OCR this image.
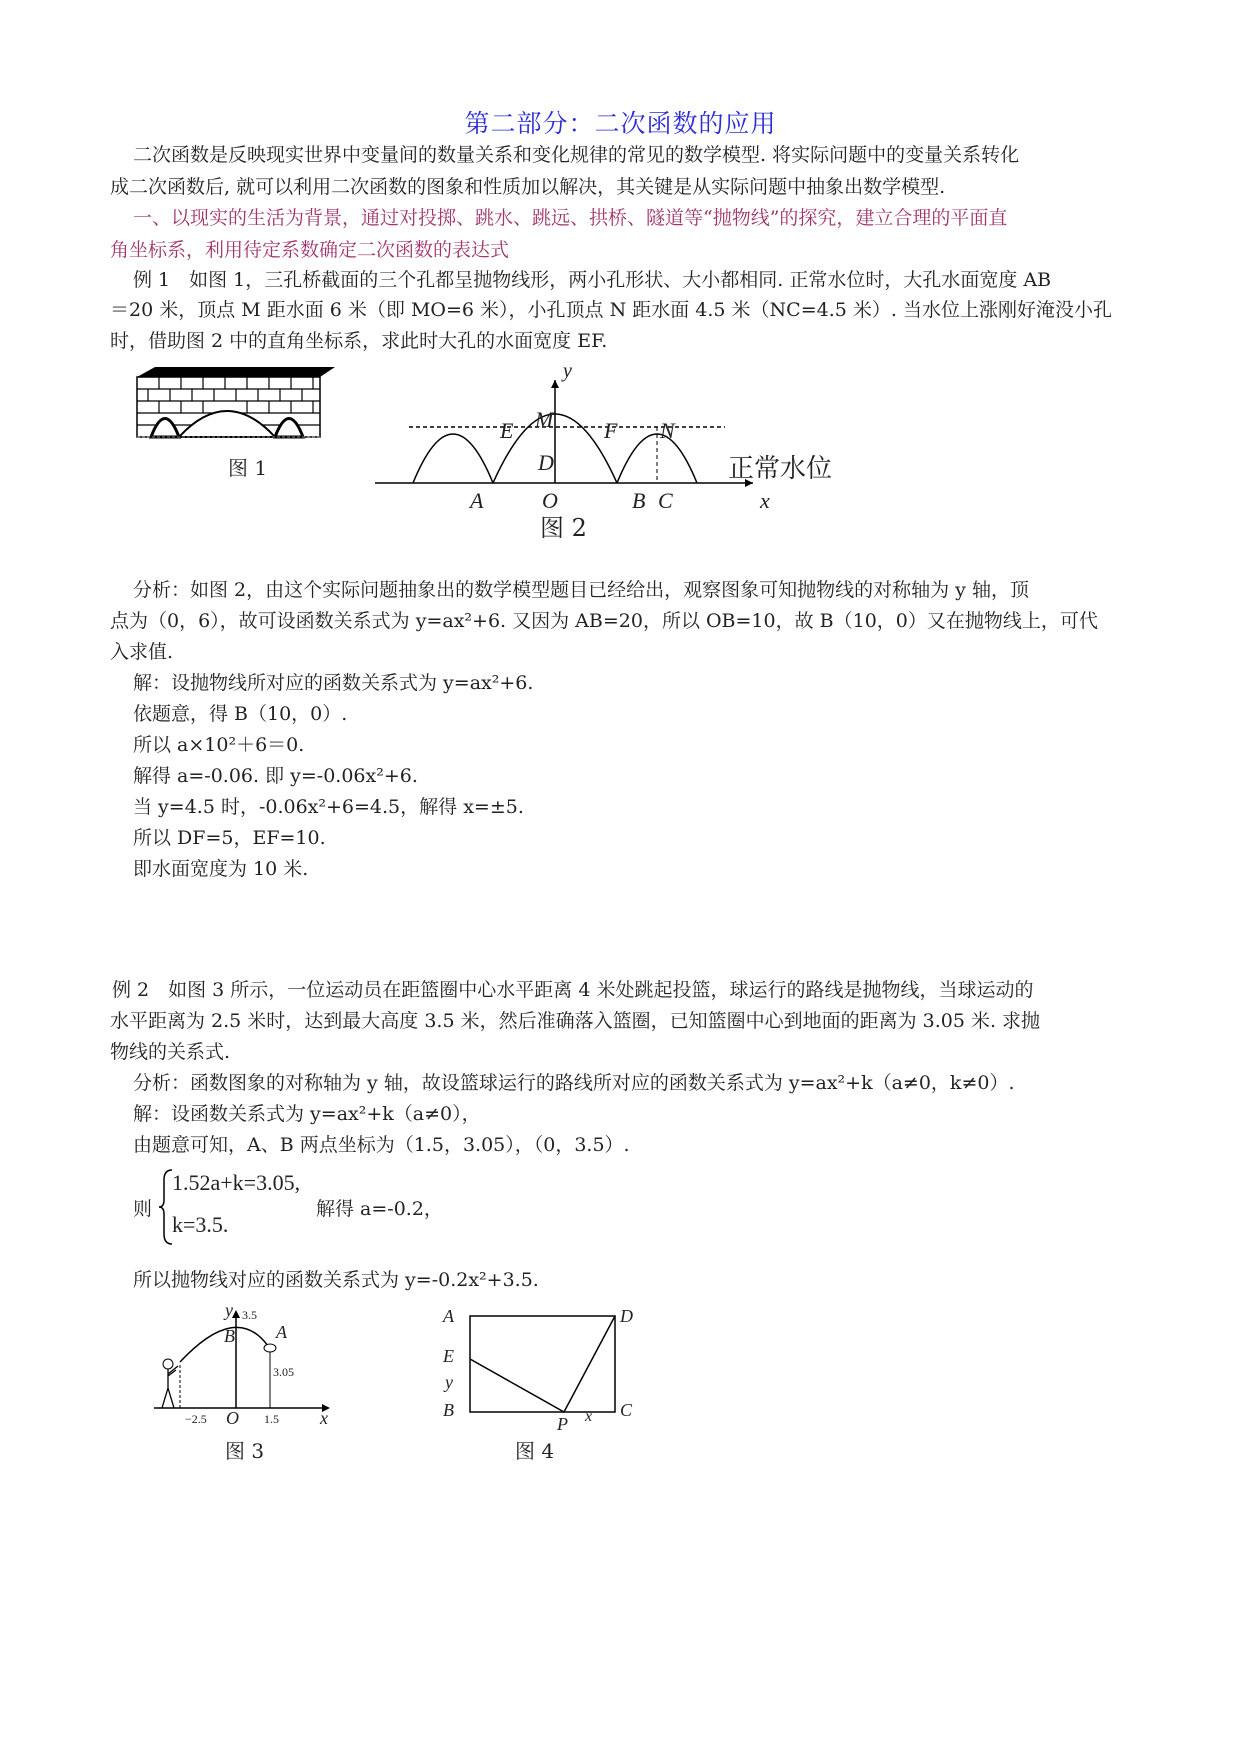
第二部分：二次函数的应用
二次函数是反映现实世界中变量间的数量关系和变化规律的常见的数学模型. 将实际问题中的变量关系转化
成二次函数后, 就可以利用二次函数的图象和性质加以解决，其关键是从实际问题中抽象出数学模型.
一、以现实的生活为背景，通过对投掷、跳水、跳远、拱桥、隧道等“抛物线”的探究，建立合理的平面直
角坐标系，利用待定系数确定二次函数的表达式
例 1　如图 1，三孔桥截面的三个孔都呈抛物线形，两小孔形状、大小都相同. 正常水位时，大孔水面宽度 AB
＝20 米，顶点 M 距水面 6 米（即 MO=6 米），小孔顶点 N 距水面 4.5 米（NC=4.5 米）. 当水位上涨刚好淹没小孔
时，借助图 2 中的直角坐标系，求此时大孔的水面宽度 EF.
图 1
y
M
E	F N
D
A	O	B C	x
正常水位
图 2
分析：如图 2，由这个实际问题抽象出的数学模型题目已经给出，观察图象可知抛物线的对称轴为 y 轴，顶
点为（0，6），故可设函数关系式为 y=ax²+6. 又因为 AB=20，所以 OB=10，故 B（10，0）又在抛物线上，可代
入求值.
解：设抛物线所对应的函数关系式为 y=ax²+6.
依题意，得 B（10，0）.
所以 a×10²＋6＝0.
解得 a=-0.06. 即 y=-0.06x²+6.
当 y=4.5 时，-0.06x²+6=4.5，解得 x=±5.
所以 DF=5，EF=10.
即水面宽度为 10 米.
例 2　如图 3 所示，一位运动员在距篮圈中心水平距离 4 米处跳起投篮，球运行的路线是抛物线，当球运动的
水平距离为 2.5 米时，达到最大高度 3.5 米，然后准确落入篮圈，已知篮圈中心到地面的距离为 3.05 米. 求抛
物线的关系式.
分析：函数图象的对称轴为 y 轴，故设篮球运行的路线所对应的函数关系式为 y=ax²+k（a≠0，k≠0）.
解：设函数关系式为 y=ax²+k（a≠0），
由题意可知，A、B 两点坐标为（1.5，3.05），（0，3.5）.
则
1.52a+k=3.05,
k=3.5.
解得 a=-0.2，
所以抛物线对应的函数关系式为 y=-0.2x²+3.5.
y 3.5
B A
3.05
−2.5 O 1.5 x
图 3
A	D
E
y
B
P x C
图 4
